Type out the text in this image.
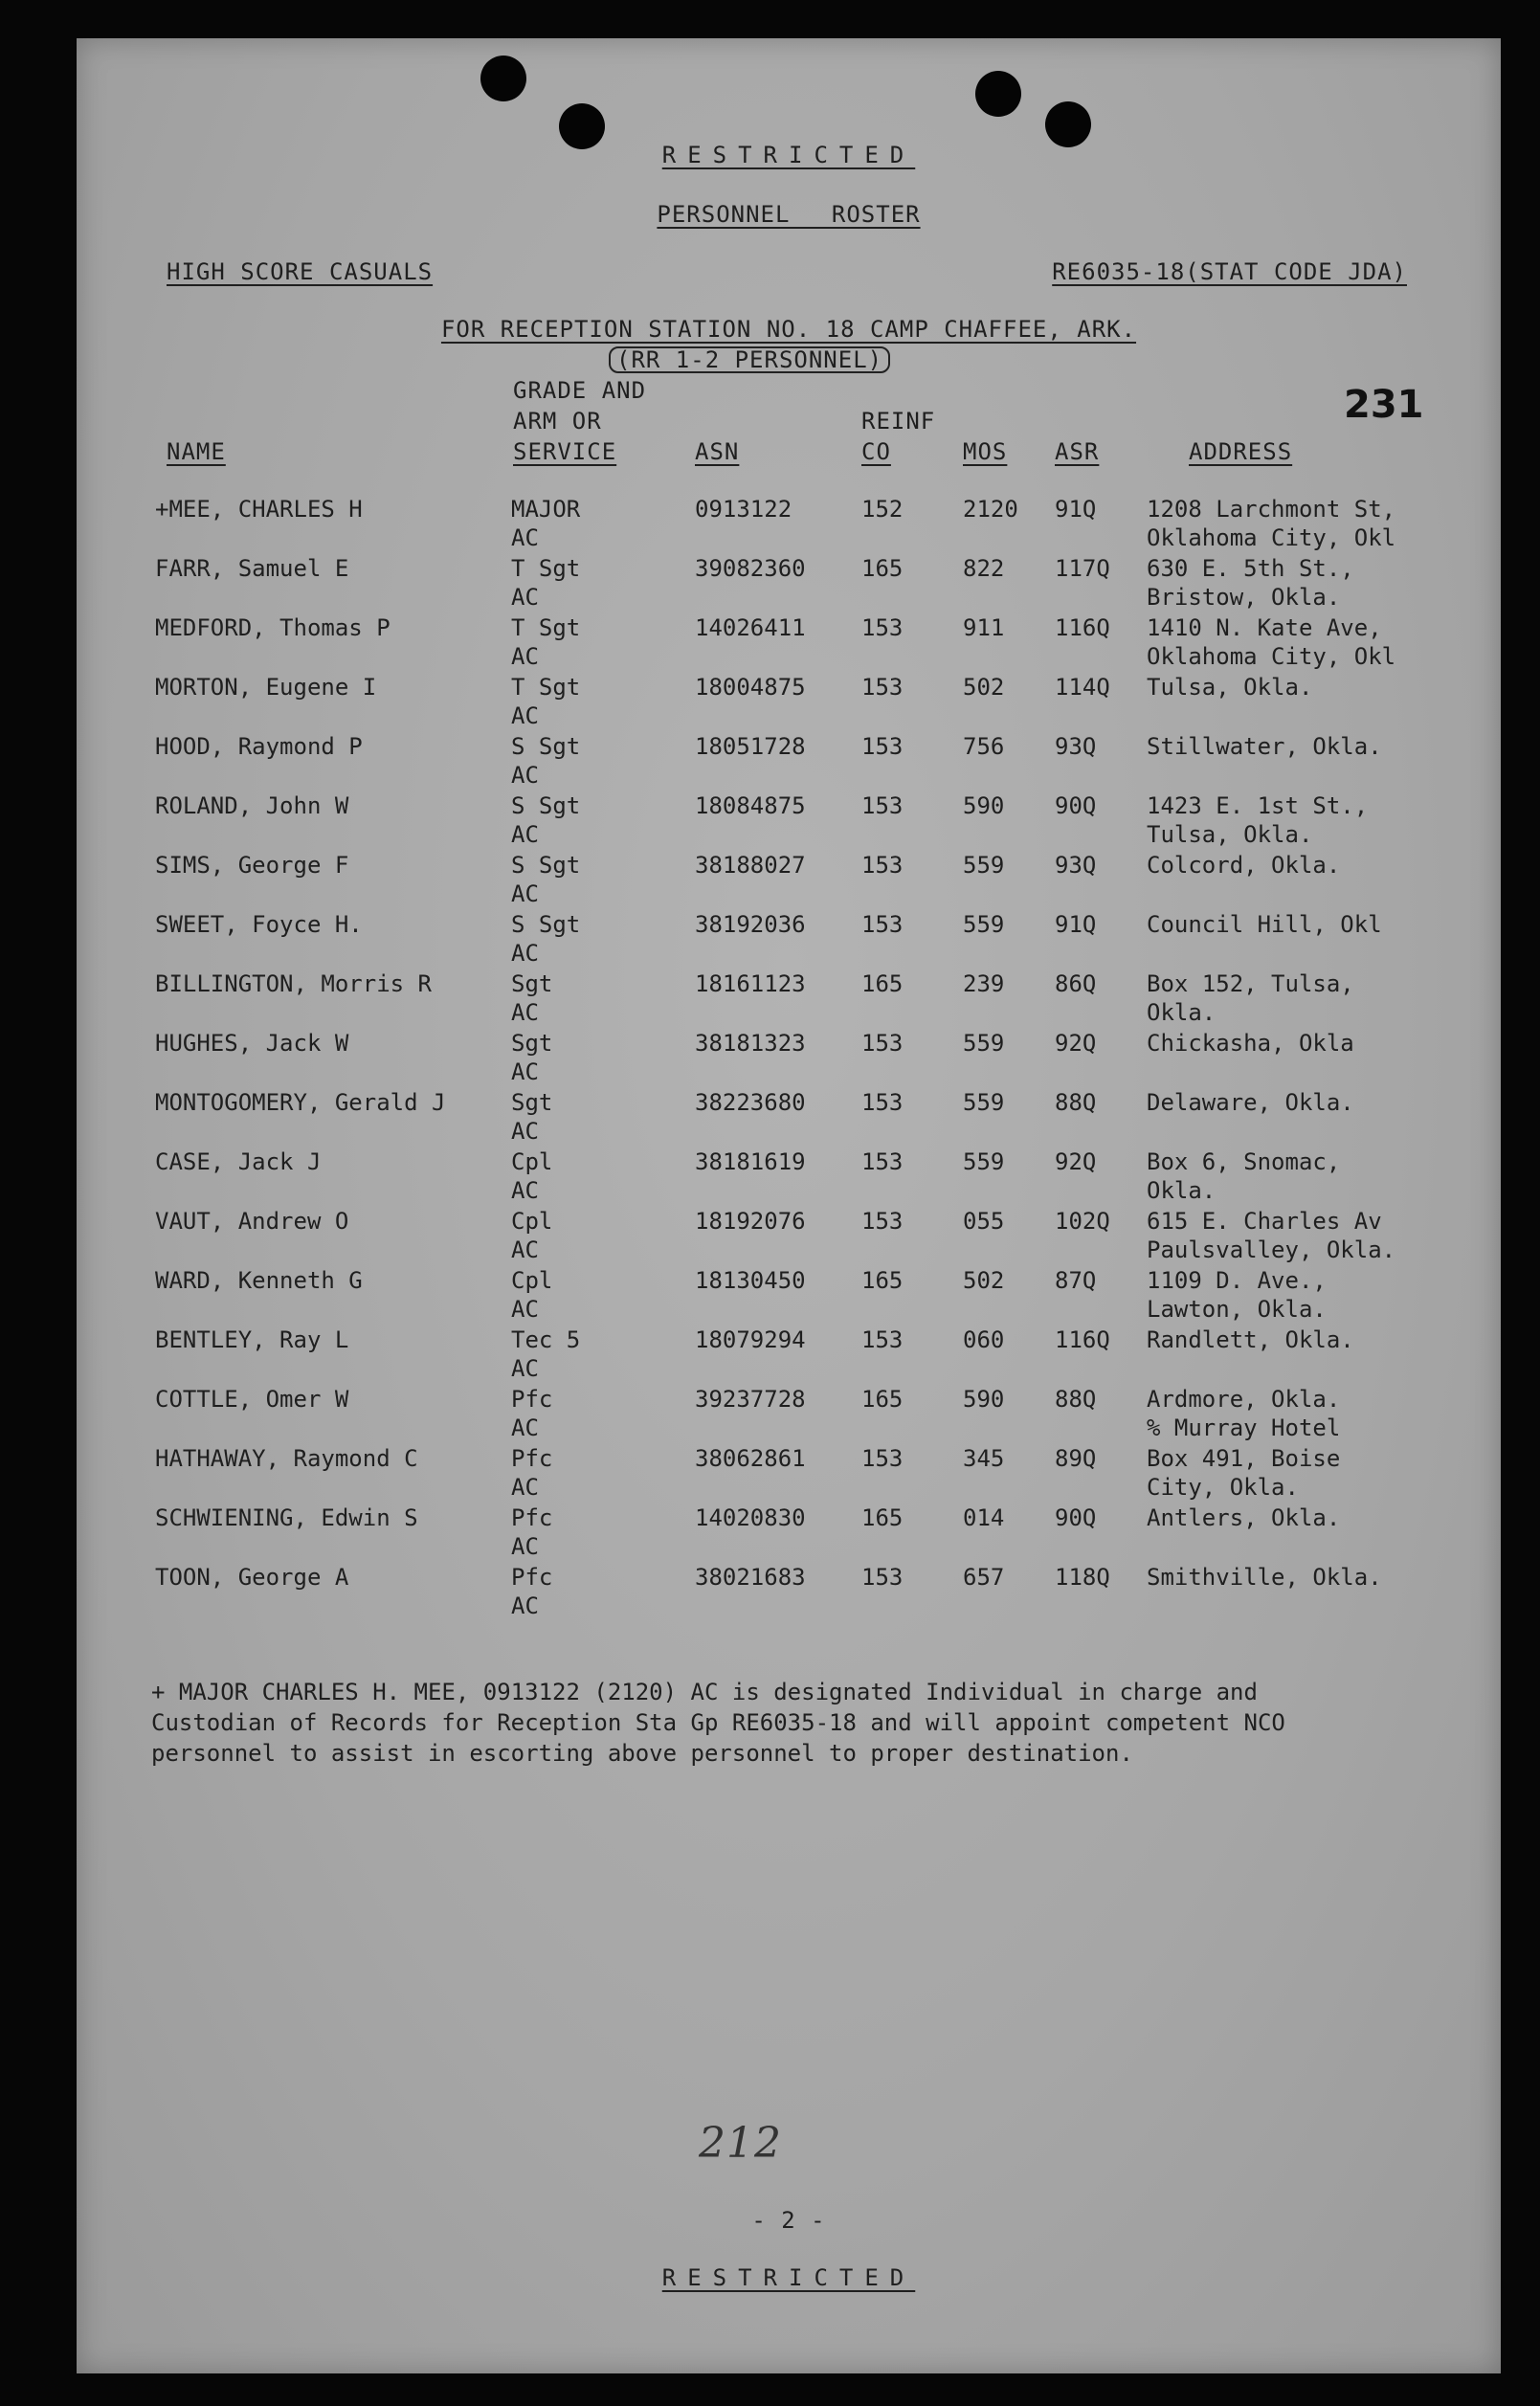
RESTRICTED
PERSONNEL ROSTER
HIGH SCORE CASUALS	RE6035-18(STAT CODE JDA)
FOR RECEPTION STATION NO. 18 CAMP CHAFFEE, ARK.
(RR 1-2 PERSONNEL)
231
NAME
GRADE AND
ARM OR
SERVICE	ASN
REINF
CO	MOS ASR	ADDRESS
+MEE, CHARLES H	MAJOR
AC
0913122	152	2120 91Q 1208 Larchmont St,
Oklahoma City, Okl
FARR, Samuel E	T Sgt
AC
39082360 165	822 117Q 630 E. 5th St.,
Bristow, Okla.
MEDFORD, Thomas P	T Sgt
AC
14026411 153	911 116Q 1410 N. Kate Ave,
Oklahoma City, Okl
MORTON, Eugene I	T Sgt
AC
18004875 153	502 114Q Tulsa, Okla.
HOOD, Raymond P	S Sgt
AC
18051728 153	756 93Q Stillwater, Okla.
ROLAND, John W	S Sgt
AC
18084875 153	590 90Q 1423 E. 1st St.,
Tulsa, Okla.
SIMS, George F	S Sgt
AC
38188027 153	559 93Q Colcord, Okla.
SWEET, Foyce H.	S Sgt
AC
38192036 153	559 91Q Council Hill, Okl
BILLINGTON, Morris R	Sgt
AC
18161123 165	239 86Q Box 152, Tulsa,
Okla.
HUGHES, Jack W	Sgt
AC
38181323 153	559 92Q Chickasha, Okla
MONTOGOMERY, Gerald J	Sgt
AC
38223680 153	559 88Q Delaware, Okla.
CASE, Jack J	Cpl
AC
38181619 153	559 92Q Box 6, Snomac,
Okla.
VAUT, Andrew O	Cpl
AC
18192076 153	055 102Q 615 E. Charles Av
Paulsvalley, Okla.
WARD, Kenneth G	Cpl
AC
18130450 165	502 87Q 1109 D. Ave.,
Lawton, Okla.
BENTLEY, Ray L	Tec 5
AC
18079294 153	060 116Q Randlett, Okla.
COTTLE, Omer W	Pfc
AC
39237728 165	590 88Q Ardmore, Okla.
% Murray Hotel
HATHAWAY, Raymond C	Pfc
AC
38062861 153	345 89Q Box 491, Boise
City, Okla.
SCHWIENING, Edwin S	Pfc
AC
14020830 165	014 90Q Antlers, Okla.
TOON, George A	Pfc
AC
38021683 153	657 118Q Smithville, Okla.
+ MAJOR CHARLES H. MEE, 0913122 (2120) AC is designated Individual in charge and
Custodian of Records for Reception Sta Gp RE6035-18 and will appoint competent NCO
personnel to assist in escorting above personnel to proper destination.
212
- 2 -
RESTRICTED
